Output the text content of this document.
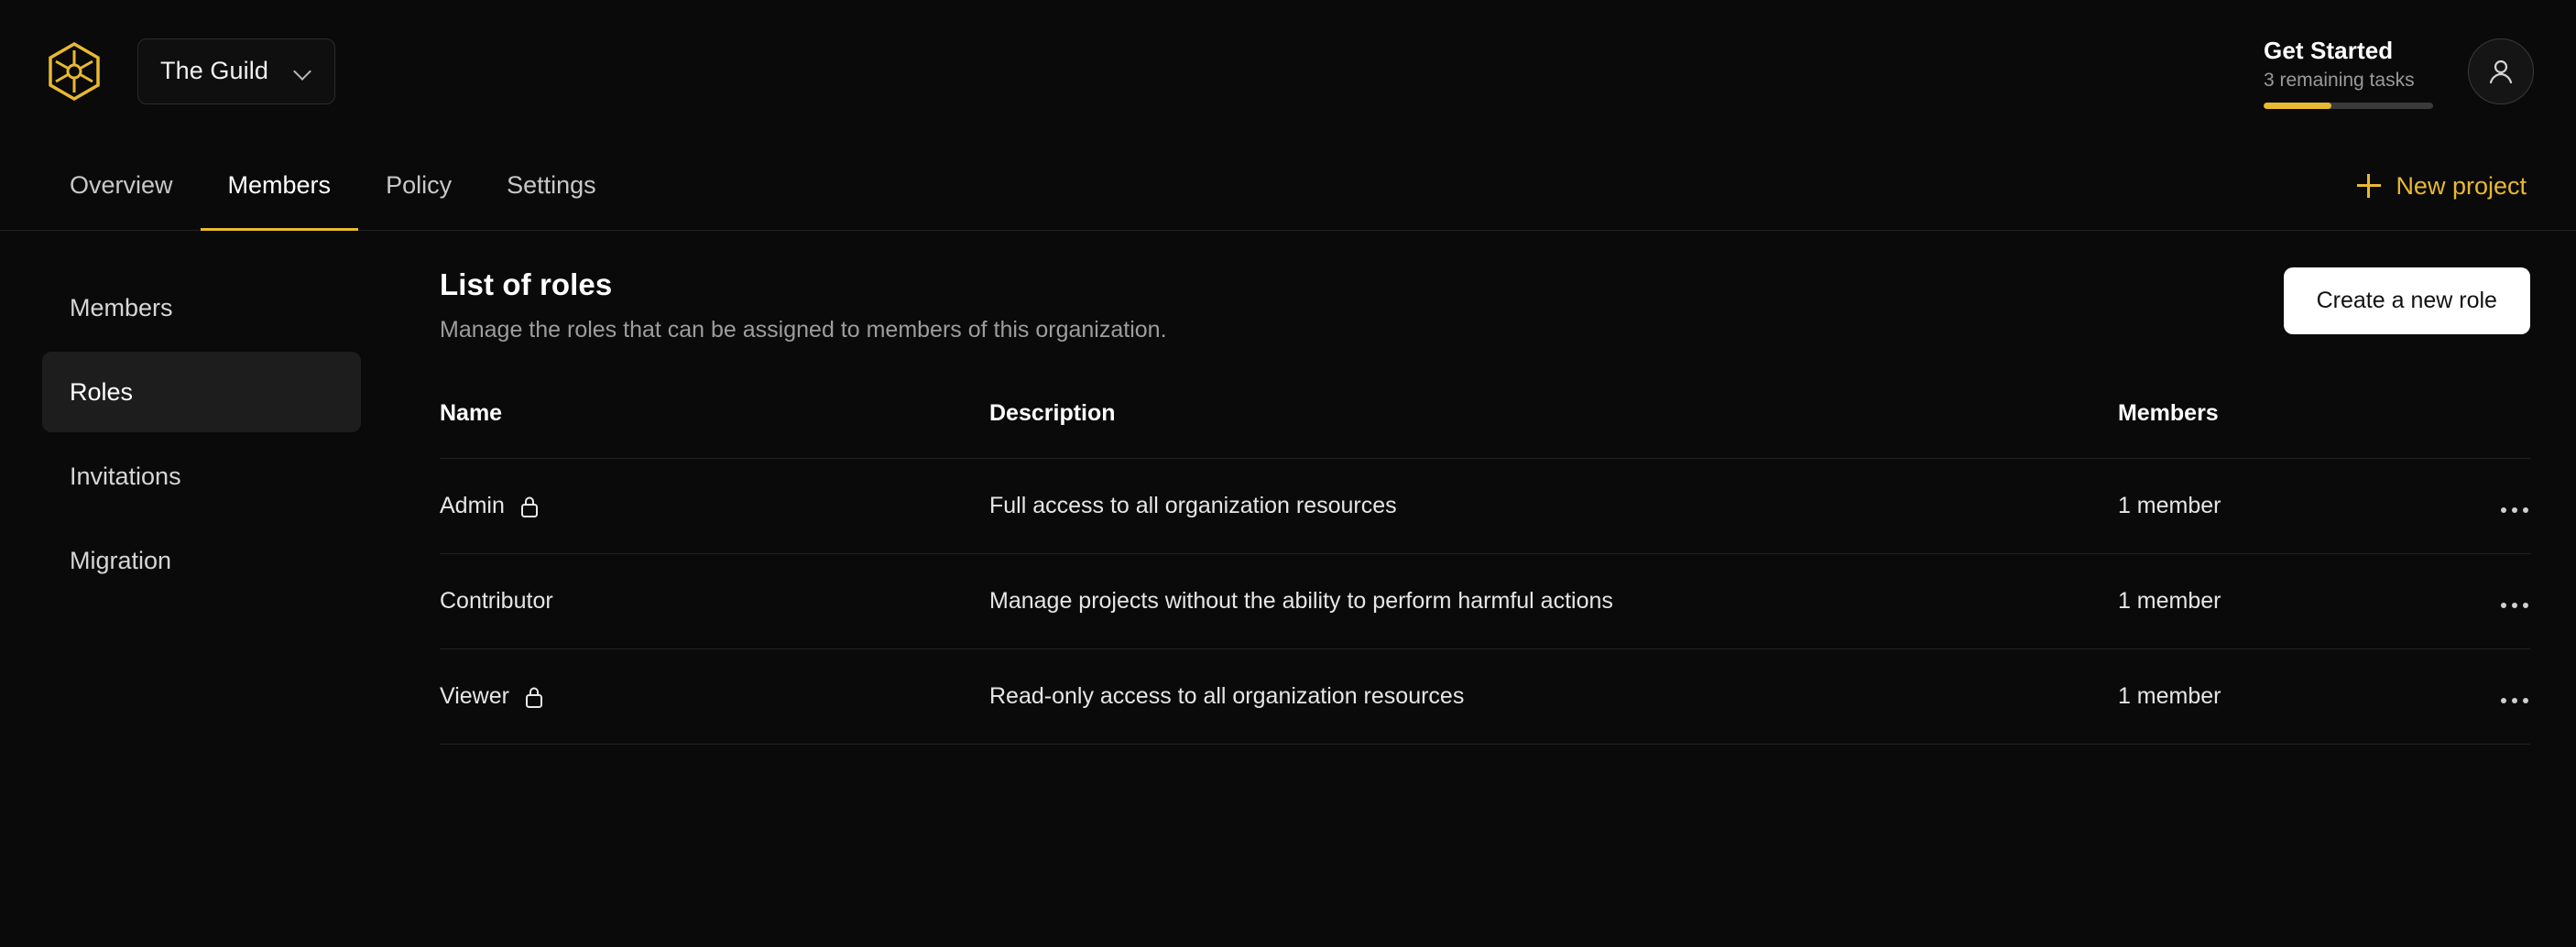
The Guild
Get Started
3 remaining tasks
Overview Members Policy Settings	New project
Members
Roles
Invitations
Migration
List of roles
Manage the roles that can be assigned to members of this organization.
Create a new role
Name	Description	Members	

Admin	Full access to all organization resources	1 member	

Contributor	Manage projects without the ability to perform harmful actions	1 member	

Viewer	Read-only access to all organization resources	1 member	
